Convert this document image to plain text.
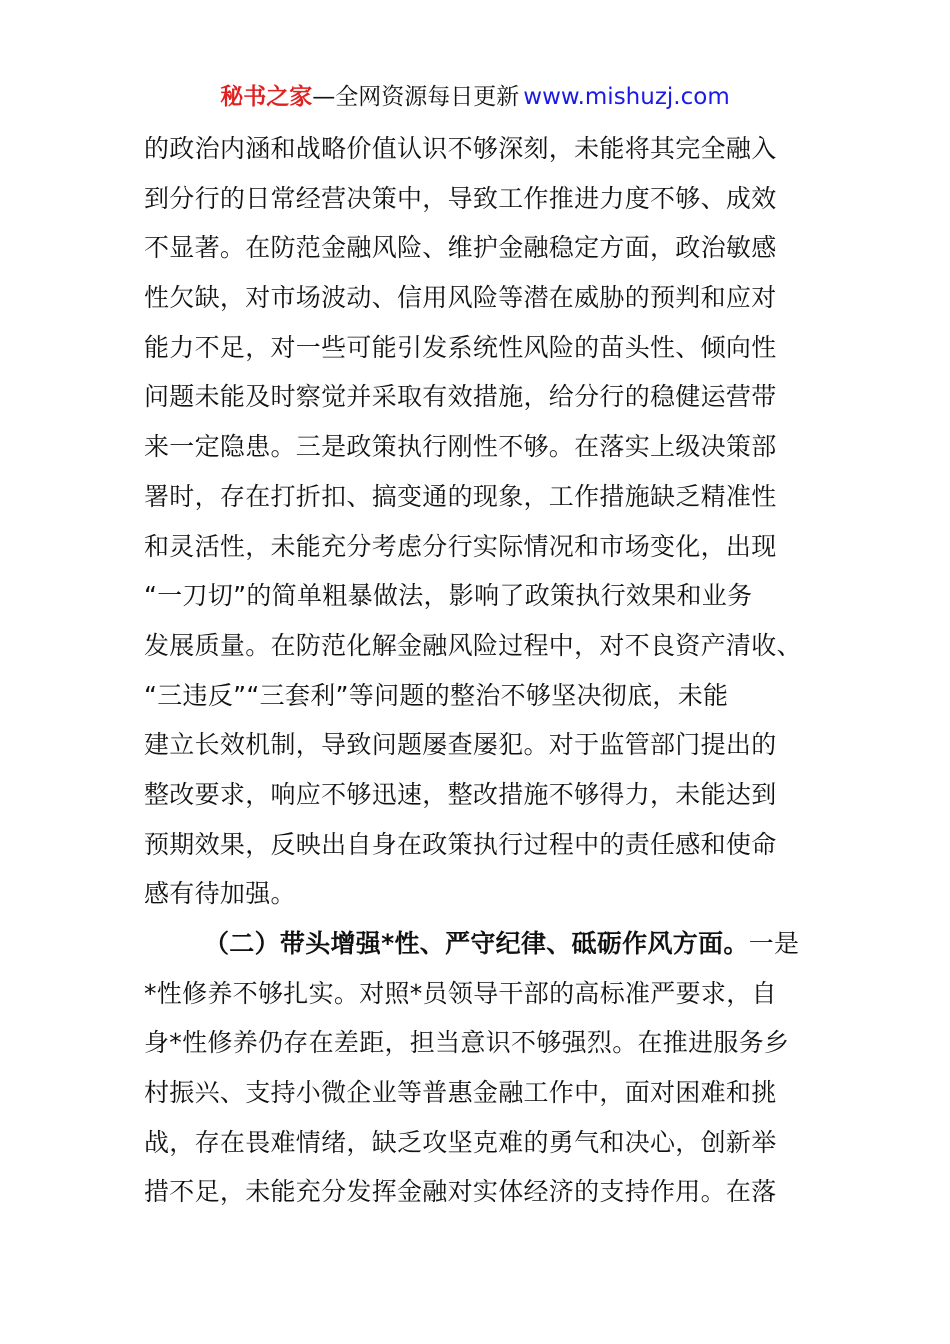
秘书之家—全网资源每日更新 www.mishuzj.com
的政治内涵和战略价值认识不够深刻，未能将其完全融入
到分行的日常经营决策中，导致工作推进力度不够、成效
不显著。在防范金融风险、维护金融稳定方面，政治敏感
性欠缺，对市场波动、信用风险等潜在威胁的预判和应对
能力不足，对一些可能引发系统性风险的苗头性、倾向性
问题未能及时察觉并采取有效措施，给分行的稳健运营带
来一定隐患。三是政策执行刚性不够。在落实上级决策部
署时，存在打折扣、搞变通的现象，工作措施缺乏精准性
和灵活性，未能充分考虑分行实际情况和市场变化，出现
“一刀切”的简单粗暴做法，影响了政策执行效果和业务
发展质量。在防范化解金融风险过程中，对不良资产清收、
“三违反”“三套利”等问题的整治不够坚决彻底，未能
建立长效机制，导致问题屡查屡犯。对于监管部门提出的
整改要求，响应不够迅速，整改措施不够得力，未能达到
预期效果，反映出自身在政策执行过程中的责任感和使命
感有待加强。
（二）带头增强*性、严守纪律、砥砺作风方面。一是
*性修养不够扎实。对照*员领导干部的高标准严要求，自
身*性修养仍存在差距，担当意识不够强烈。在推进服务乡
村振兴、支持小微企业等普惠金融工作中，面对困难和挑
战，存在畏难情绪，缺乏攻坚克难的勇气和决心，创新举
措不足，未能充分发挥金融对实体经济的支持作用。在落
